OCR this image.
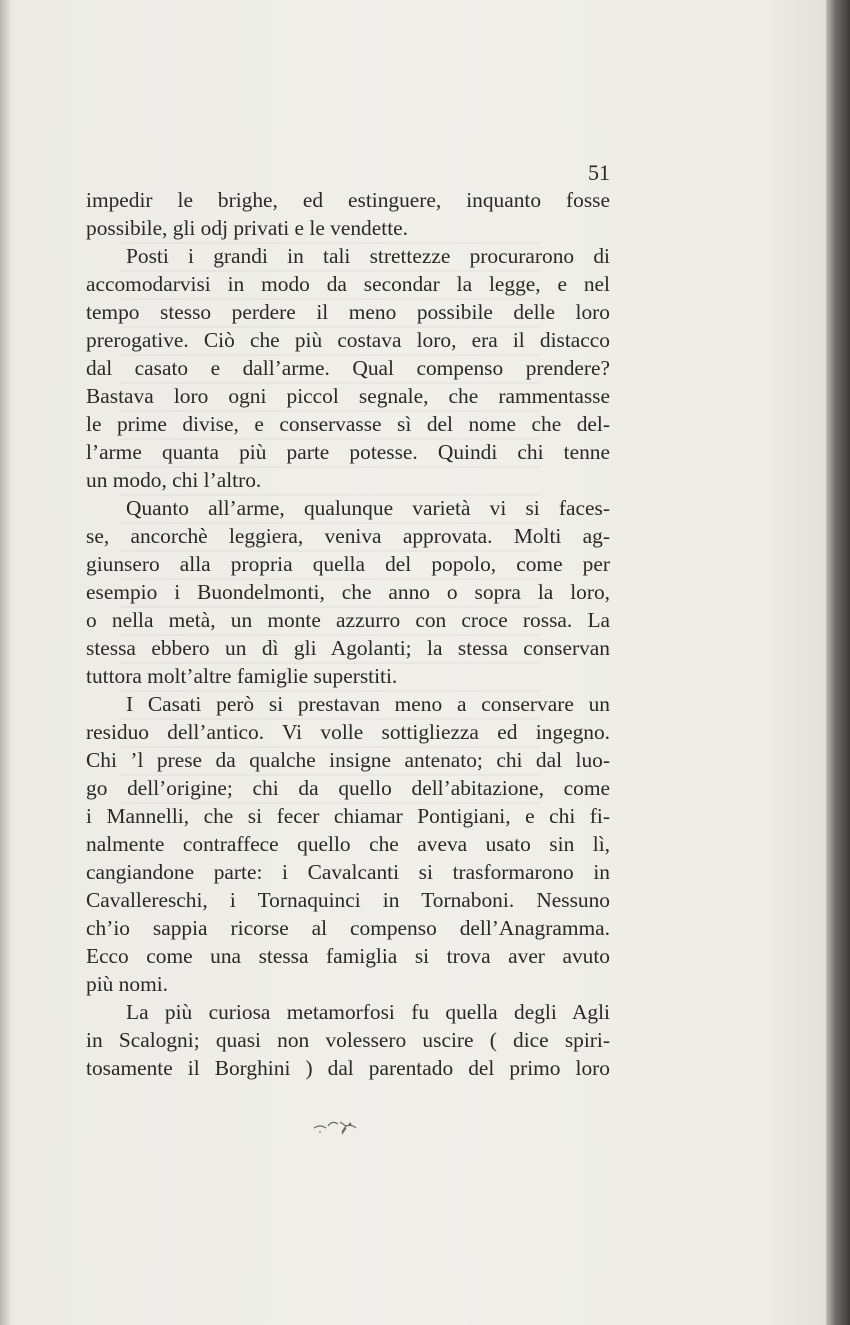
51
impedir le brighe, ed estinguere, inquanto fosse
possibile, gli odj privati e le vendette.
Posti i grandi in tali strettezze procurarono di
accomodarvisi in modo da secondar la legge, e nel
tempo stesso perdere il meno possibile delle loro
prerogative. Ciò che più costava loro, era il distacco
dal casato e dall’arme. Qual compenso prendere?
Bastava loro ogni piccol segnale, che rammentasse
le prime divise, e conservasse sì del nome che del-
l’arme quanta più parte potesse. Quindi chi tenne
un modo, chi l’altro.
Quanto all’arme, qualunque varietà vi si faces-
se, ancorchè leggiera, veniva approvata. Molti ag-
giunsero alla propria quella del popolo, come per
esempio i Buondelmonti, che anno o sopra la loro,
o nella metà, un monte azzurro con croce rossa. La
stessa ebbero un dì gli Agolanti; la stessa conservan
tuttora molt’altre famiglie superstiti.
I Casati però si prestavan meno a conservare un
residuo dell’antico. Vi volle sottigliezza ed ingegno.
Chi ’l prese da qualche insigne antenato; chi dal luo-
go dell’origine; chi da quello dell’abitazione, come
i Mannelli, che si fecer chiamar Pontigiani, e chi fi-
nalmente contraffece quello che aveva usato sin lì,
cangiandone parte: i Cavalcanti si trasformarono in
Cavallereschi, i Tornaquinci in Tornaboni. Nessuno
ch’io sappia ricorse al compenso dell’Anagramma.
Ecco come una stessa famiglia si trova aver avuto
più nomi.
La più curiosa metamorfosi fu quella degli Agli
in Scalogni; quasi non volessero uscire ( dice spiri-
tosamente il Borghini ) dal parentado del primo loro
